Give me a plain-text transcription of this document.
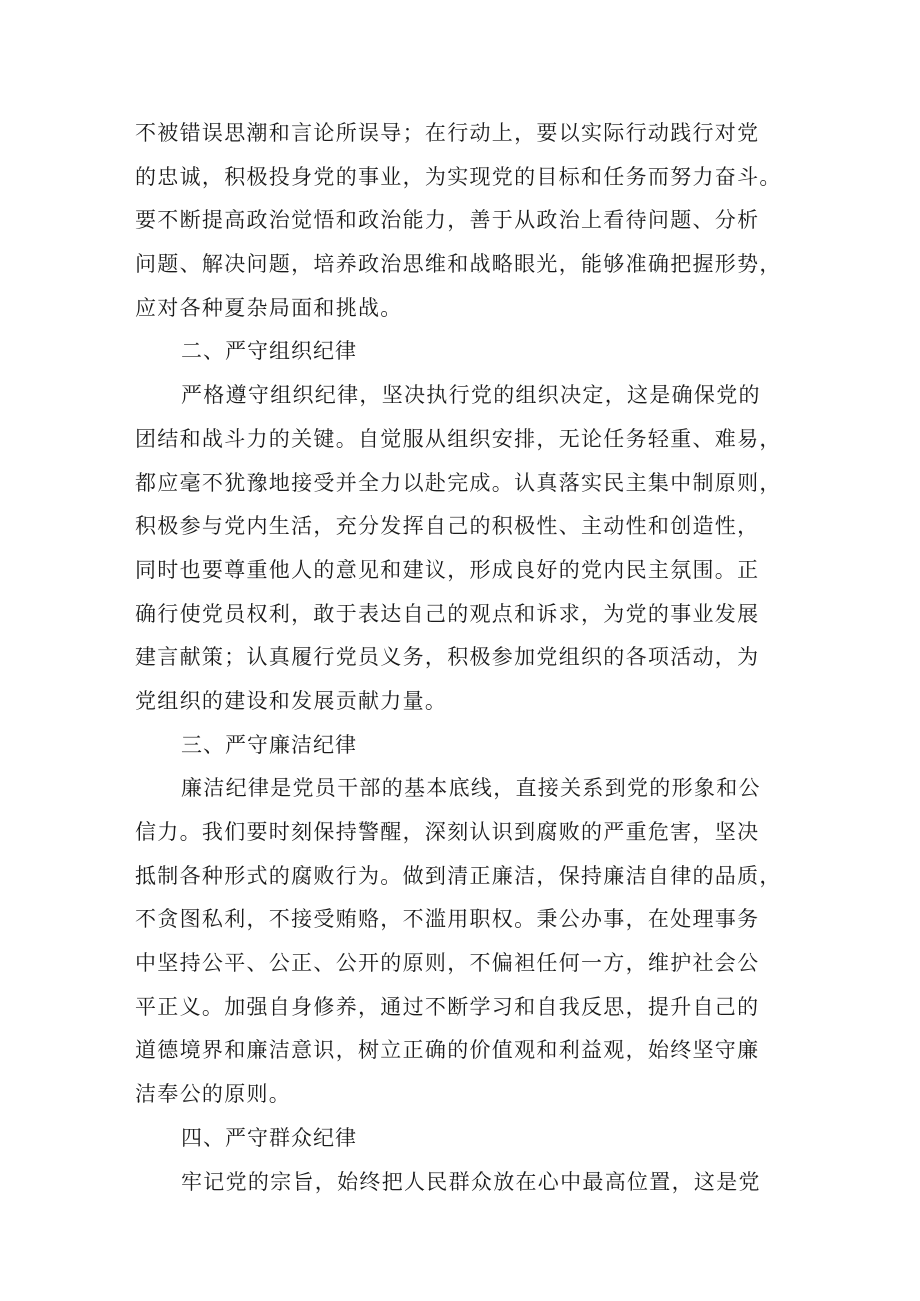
不被错误思潮和言论所误导；在行动上，要以实际行动践行对党
的忠诚，积极投身党的事业，为实现党的目标和任务而努力奋斗。
要不断提高政治觉悟和政治能力，善于从政治上看待问题、分析
问题、解决问题，培养政治思维和战略眼光，能够准确把握形势，
应对各种夏杂局面和挑战。

二、严守组织纪律

严格遵守组织纪律，坚决执行党的组织决定，这是确保党的
团结和战斗力的关键。自觉服从组织安排，无论任务轻重、难易，
都应毫不犹豫地接受并全力以赴完成。认真落实民主集中制原则，
积极参与党内生活，充分发挥自己的积极性、主动性和创造性，
同时也要尊重他人的意见和建议，形成良好的党内民主氛围。正
确行使党员权利，敢于表达自己的观点和诉求，为党的事业发展
建言献策；认真履行党员义务，积极参加党组织的各项活动，为
党组织的建设和发展贡献力量。

三、严守廉洁纪律

廉洁纪律是党员干部的基本底线，直接关系到党的形象和公
信力。我们要时刻保持警醒，深刻认识到腐败的严重危害，坚决
抵制各种形式的腐败行为。做到清正廉洁，保持廉洁自律的品质，
不贪图私利，不接受贿赂，不滥用职权。秉公办事，在处理事务
中坚持公平、公正、公开的原则，不偏袒任何一方，维护社会公
平正义。加强自身修养，通过不断学习和自我反思，提升自己的
道德境界和廉洁意识，树立正确的价值观和利益观，始终坚守廉
洁奉公的原则。

四、严守群众纪律

牢记党的宗旨，始终把人民群众放在心中最高位置，这是党
